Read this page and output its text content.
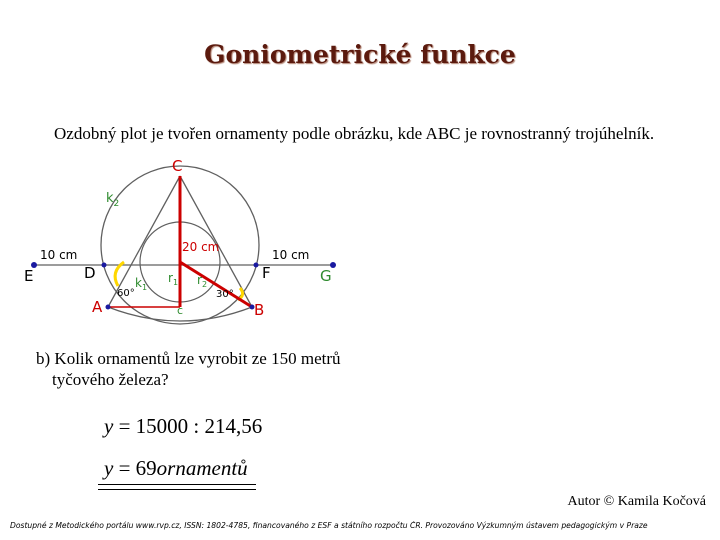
Goniometrické funkce
Ozdobný plot je tvořen ornamenty podle obrázku, kde ABC je rovnostranný trojúhelník.
C
$k_2$
10 cm
20 cm
10 cm
E	D
$k_1$
$r_1$ $r_2$
F	G
60°	30°
A	c	B
b) Kolik ornamentů lze vyrobit ze 150 metrů
tyčového železa?
y = 15000 : 214,56
y = 69ornamentů
Autor © Kamila Kočová
Dostupné z Metodického portálu www.rvp.cz, ISSN: 1802-4785, financovaného z ESF a státního rozpočtu ČR. Provozováno Výzkumným ústavem pedagogickým v Praze
